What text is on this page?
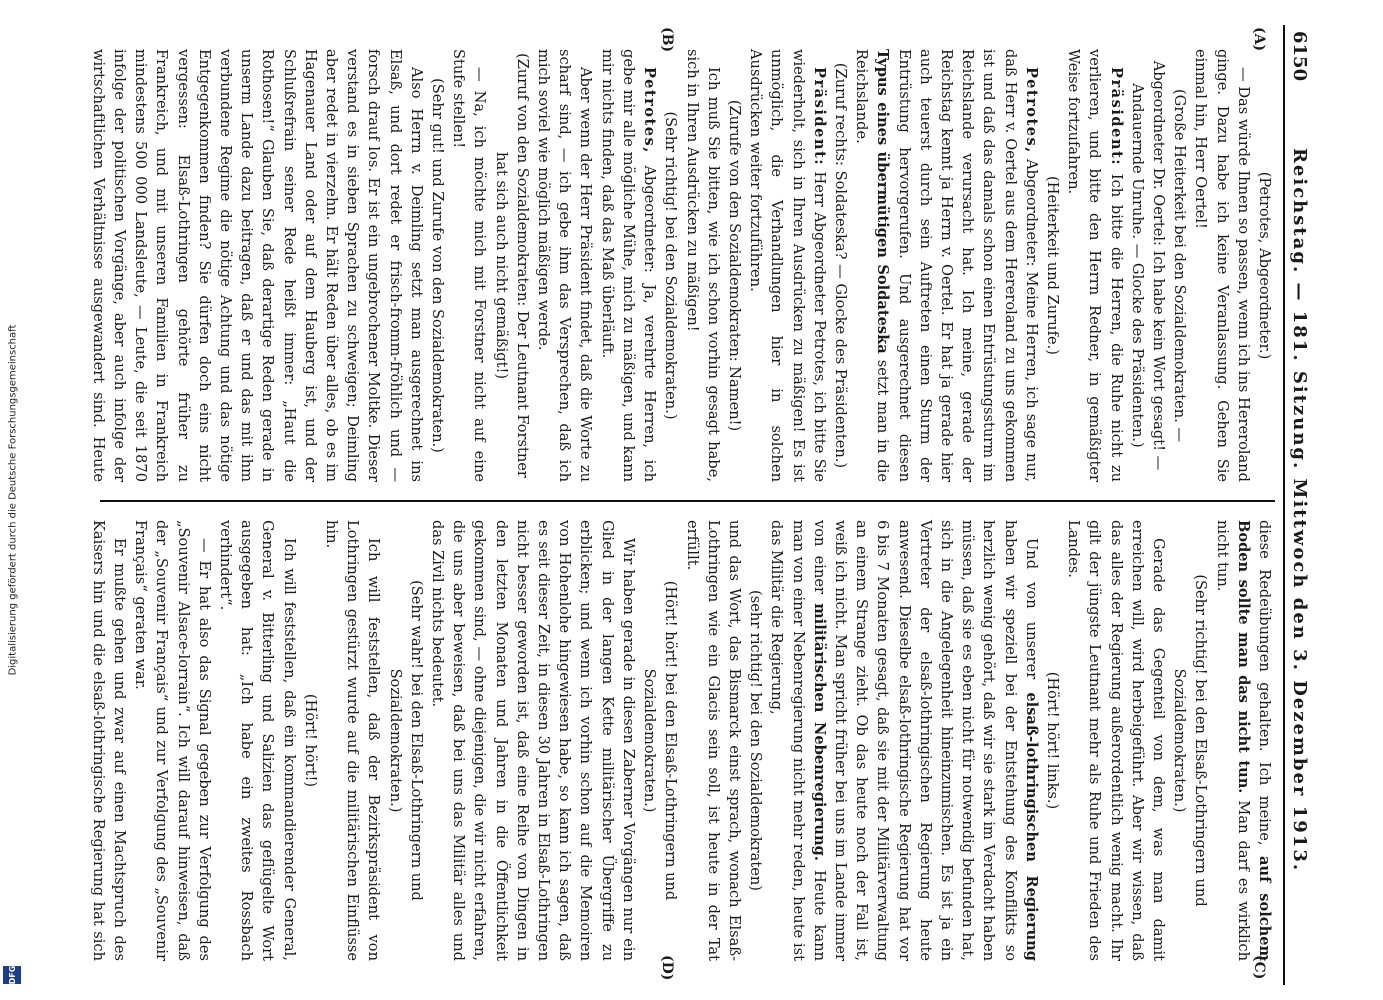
Digitalisierung gefördert durch die Deutsche Forschungsgemeinschaft
DFG
6150
Reichstag. — 181. Sitzung. Mittwoch den 3. Dezember 1913.
(A)
(B)
(C)
(D)

(Petrotes, Abgeordneter.)

— Das würde Ihnen so passen, wenn ich ins Hereroland ginge. Dazu habe ich keine Veranlassung. Gehen Sie einmal hin, Herr Oertel!

(Große Heiterkeit bei den Sozialdemokraten. — Abgeordneter Dr. Oertel: Ich habe kein Wort gesagt! — Andauernde Unruhe. — Glocke des Präsidenten.)

Präsident: Ich bitte die Herren, die Ruhe nicht zu verlieren, und bitte den Herrn Redner, in gemäßigter Weise fortzufahren.

(Heiterkeit und Zurufe.)

Petrotes, Abgeordneter: Meine Herren, ich sage nur, daß Herr v. Oertel aus dem Hereroland zu uns gekommen ist und daß das damals schon einen Entrüstungssturm im Reichslande verursacht hat. Ich meine, gerade der Reichstag kennt ja Herrn v. Oertel. Er hat ja gerade hier auch teuerst durch sein Auftreten einen Sturm der Entrüstung hervorgerufen. Und ausgerechnet diesen Typus eines übermütigen Soldateska setzt man in die Reichslande.

(Zuruf rechts: Soldateska? — Glocke des Präsidenten.)

Präsident: Herr Abgeordneter Petrotes, ich bitte Sie wiederholt, sich in Ihren Ausdrücken zu mäßigen! Es ist unmöglich, die Verhandlungen hier in solchen Ausdrücken weiter fortzuführen.

(Zurufe von den Sozialdemokraten: Namen!)

Ich muß Sie bitten, wie ich schon vorhin gesagt habe, sich in Ihren Ausdrücken zu mäßigen!

(Sehr richtig! bei den Sozialdemokraten.)

Petrotes, Abgeordneter: Ja, verehrte Herren, ich gebe mir alle mögliche Mühe, mich zu mäßigen, und kann mir nichts finden, daß das Maß überläuft.

Aber wenn der Herr Präsident findet, daß die Worte zu scharf sind, — ich gebe ihm das Versprechen, daß ich mich soviel wie möglich mäßigen werde.

(Zuruf von den Sozialdemokraten: Der Leutnant Forstner hat sich auch nicht gemäßigt!)

— Na, ich möchte mich mit Forstner nicht auf eine Stufe stellen!

(Sehr gut! und Zurufe von den Sozialdemokraten.)

Also Herrn v. Deimling setzt man ausgerechnet ins Elsaß, und dort redet er frisch-fromm-fröhlich und — forsch drauf los. Er ist ein ungebrochener Moltke. Dieser verstand es in sieben Sprachen zu schweigen; Deimling aber redet in vierzehn. Er hält Reden über alles, ob es im Hagenauer Land oder auf dem Hauberg ist, und der Schlußrefrain seiner Rede heißt immer: „Haut die Rothosen!“ Glauben Sie, daß derartige Reden gerade in unserm Lande dazu beitragen, daß er und das mit ihm verbundene Regime die nötige Achtung und das nötige Entgegenkommen finden? Sie dürfen doch eins nicht vergessen: Elsaß-Lothringen gehörte früher zu Frankreich, und mit unseren Familien in Frankreich mindestens 500 000 Landsleute, — Leute, die seit 1870 infolge der politischen Vorgänge, aber auch infolge der wirtschaftlichen Verhältnisse ausgewandert sind. Heute

diese Redeübungen gehalten. Ich meine, auf solchem Boden sollte man das nicht tun. Man darf es wirklich nicht tun.

(Sehr richtig! bei den Elsaß-Lothringern und Sozialdemokraten.)

Gerade das Gegenteil von dem, was man damit erreichen will, wird herbeigeführt. Aber wir wissen, daß das alles der Regierung außerordentlich wenig macht. Ihr gilt der jüngste Leutnant mehr als Ruhe und Frieden des Landes.

(Hört! hört! links.)

Und von unserer elsaß-lothringischen Regierung haben wir speziell bei der Entstehung des Konflikts so herzlich wenig gehört, daß wir sie stark im Verdacht haben müssen, daß sie es eben nicht für notwendig befunden hat, sich in die Angelegenheit hineinzumischen. Es ist ja ein Vertreter der elsaß-lothringischen Regierung heute anwesend. Dieselbe elsaß-lothringische Regierung hat vor 6 bis 7 Monaten gesagt, daß sie mit der Militärverwaltung an einem Strange zieht. Ob das heute noch der Fall ist, weiß ich nicht. Man spricht früher bei uns im Lande immer von einer militärischen Nebenregierung. Heute kann man von einer Nebenregierung nicht mehr reden, heute ist das Militär die Regierung,

(sehr richtig! bei den Sozialdemokraten)

und das Wort, das Bismarck einst sprach, wonach Elsaß-Lothringen wie ein Glacis sein soll, ist heute in der Tat erfüllt.

(Hört! hört! bei den Elsaß-Lothringern und Sozialdemokraten.)

Wir haben gerade in diesen Zaberner Vorgängen nur ein Glied in der langen Kette militärischer Übergriffe zu erblicken; und wenn ich vorhin schon auf die Memoiren von Hohenlohe hingewiesen habe, so kann ich sagen, daß es seit dieser Zeit, in diesen 30 Jahren in Elsaß-Lothringen nicht besser geworden ist, daß eine Reihe von Dingen in den letzten Monaten und Jahren in die Öffentlichkeit gekommen sind, — ohne diejenigen, die wir nicht erfahren, die uns aber beweisen, daß bei uns das Militär alles und das Zivil nichts bedeutet.

(Sehr wahr! bei den Elsaß-Lothringern und Sozialdemokraten.)

Ich will feststellen, daß der Bezirkspräsident von Lothringen gestürzt wurde auf die militärischen Einflüsse hin.

(Hört! hört!)

Ich will feststellen, daß ein kommandierender General, General v. Bitterling und Salizien das geflügelte Wort ausgegeben hat: „Ich habe ein zweites Rossbach verhindert“.

— Er hat also das Signal gegeben zur Verfolgung des „Souvenir Alsace-lorrain“. Ich will darauf hinweisen, daß der „Souvenir Français“ und zur Verfolgung des „Souvenir Français“ geraten war.

Er mußte gehen und zwar auf einen Machtspruch des Kaisers hin und die elsaß-lothringische Regierung hat sich
